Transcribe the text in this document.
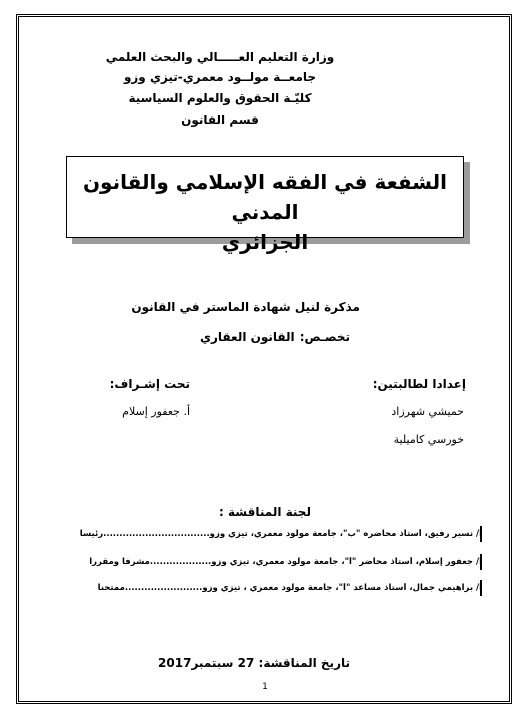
وزارة التعليم العـــــالي والبحث العلمي
جامعــة مولــود معمري-تيزي وزو
كليّـة الحقوق والعلوم السياسية
قسم القانون
الشفعة في الفقه الإسلامي والقانون المدني
الجزائري
مذكرة لنيل شهادة الماستر في القانون
تخصـص: القانون العقاري
إعدادا لطالبتين:
حميشي شهرزاد
خورسي كاميلية
تحت إشـراف:
أ. جعفور إسلام
لجنة المناقشة :
أ/ نسير رفيق، أستاذ محاضره "ب"، جامعة مولود معمري، تيزي وزو.................................رئيسا
أ/ جعفور إسلام، أستاذ محاضر "أ"، جامعة مولود معمري، تيزي وزو...................مشرفا ومقررا
أ/ براهيمي جمال، أستاذ مساعد "أ"، جامعة مولود معمري ، تيزي وزو........................ممتحنا
تاريخ المناقشة: 27 سبتمبر2017
1
